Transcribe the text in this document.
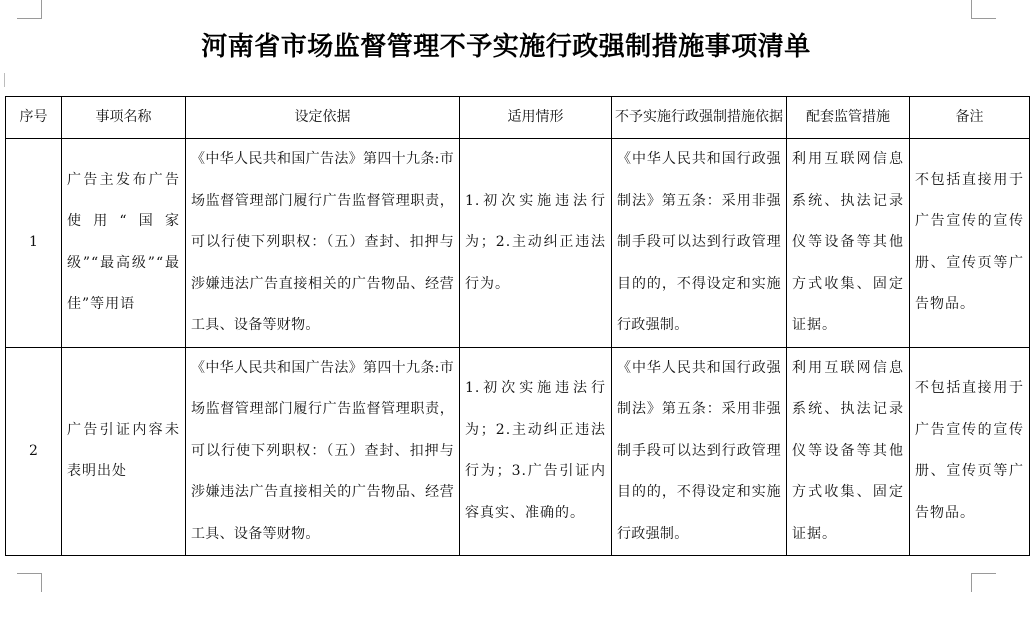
河南省市场监督管理不予实施行政强制措施事项清单
序号	事项名称	设定依据	适用情形	不予实施行政强制措施依据	配套监管措施	备注
1	广告主发布广告使用“国家级”“最高级”“最佳”等用语	《中华人民共和国广告法》第四十九条:市场监督管理部门履行广告监督管理职责，可以行使下列职权：（五）查封、扣押与涉嫌违法广告直接相关的广告物品、经营工具、设备等财物。	1.初次实施违法行为；2.主动纠正违法行为。	《中华人民共和国行政强制法》第五条：采用非强制手段可以达到行政管理目的的，不得设定和实施行政强制。	利用互联网信息系统、执法记录仪等设备等其他方式收集、固定证据。	不包括直接用于广告宣传的宣传册、宣传页等广告物品。

2	广告引证内容未表明出处	《中华人民共和国广告法》第四十九条:市场监督管理部门履行广告监督管理职责，可以行使下列职权：（五）查封、扣押与涉嫌违法广告直接相关的广告物品、经营工具、设备等财物。	1.初次实施违法行为；2.主动纠正违法行为；3.广告引证内容真实、准确的。	《中华人民共和国行政强制法》第五条：采用非强制手段可以达到行政管理目的的，不得设定和实施行政强制。	利用互联网信息系统、执法记录仪等设备等其他方式收集、固定证据。	不包括直接用于广告宣传的宣传册、宣传页等广告物品。
